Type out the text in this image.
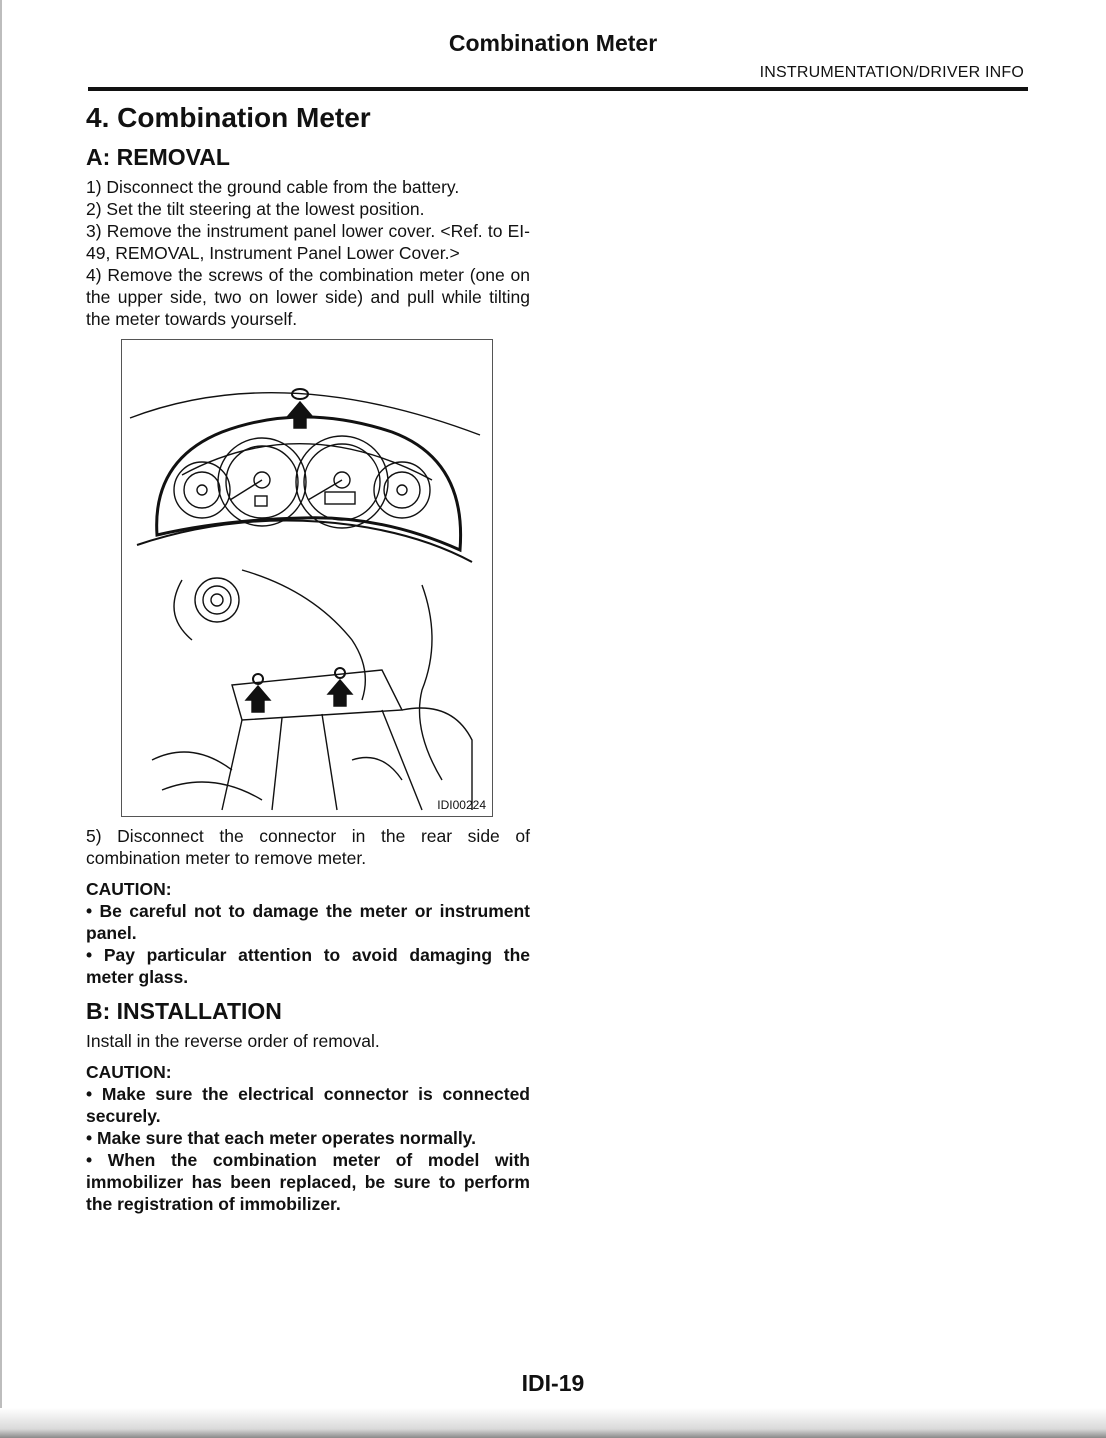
Combination Meter
INSTRUMENTATION/DRIVER INFO
4. Combination Meter
A: REMOVAL

1) Disconnect the ground cable from the battery.

2) Set the tilt steering at the lowest position.

3) Remove the instrument panel lower cover. <Ref. to EI-49, REMOVAL, Instrument Panel Lower Cover.>

4) Remove the screws of the combination meter (one on the upper side, two on lower side) and pull while tilting the meter towards yourself.

IDI00224

5) Disconnect the connector in the rear side of combination meter to remove meter.

CAUTION:
• Be careful not to damage the meter or instrument panel.
• Pay particular attention to avoid damaging the meter glass.
B: INSTALLATION

Install in the reverse order of removal.

CAUTION:
• Make sure the electrical connector is connected securely.
• Make sure that each meter operates normally.
• When the combination meter of model with immobilizer has been replaced, be sure to perform the registration of immobilizer.
IDI-19
